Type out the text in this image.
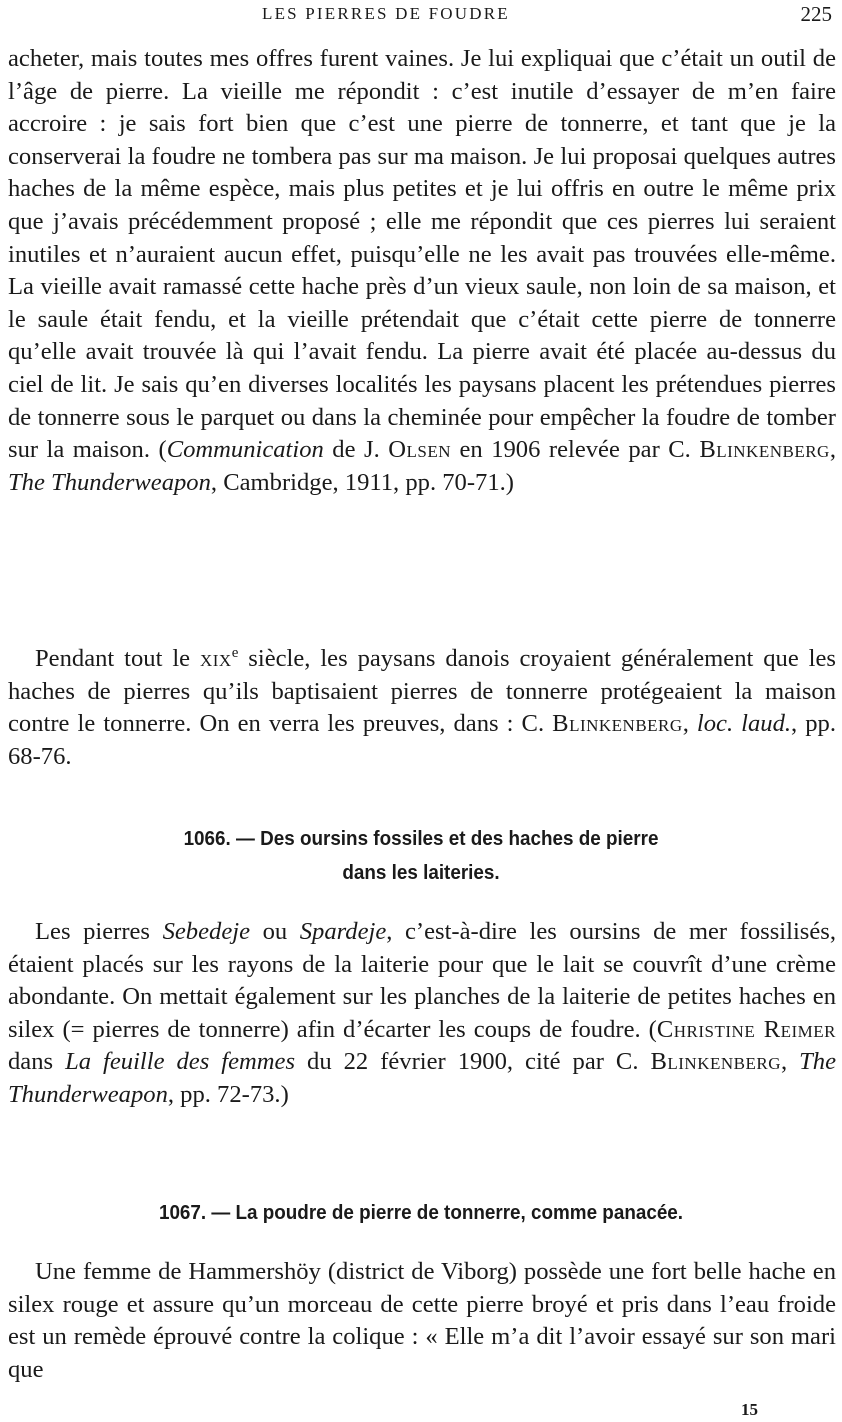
LES PIERRES DE FOUDRE	225

acheter, mais toutes mes offres furent vaines. Je lui expliquai que c’était un outil de l’âge de pierre. La vieille me répondit : c’est inutile d’essayer de m’en faire accroire : je sais fort bien que c’est une pierre de tonnerre, et tant que je la conserverai la foudre ne tombera pas sur ma maison. Je lui proposai quelques autres haches de la même espèce, mais plus petites et je lui offris en outre le même prix que j’avais précédemment proposé ; elle me répondit que ces pierres lui seraient inutiles et n’auraient aucun effet, puisqu’elle ne les avait pas trouvées elle-même. La vieille avait ramassé cette hache près d’un vieux saule, non loin de sa maison, et le saule était fendu, et la vieille prétendait que c’était cette pierre de tonnerre qu’elle avait trouvée là qui l’avait fendu. La pierre avait été placée au-dessus du ciel de lit. Je sais qu’en diverses localités les paysans placent les prétendues pierres de tonnerre sous le parquet ou dans la cheminée pour empêcher la foudre de tomber sur la maison. (Communication de J. Olsen en 1906 relevée par C. Blinkenberg, The Thunderweapon, Cambridge, 1911, pp. 70-71.)

Pendant tout le xix$^e$ siècle, les paysans danois croyaient généralement que les haches de pierres qu’ils baptisaient pierres de tonnerre protégeaient la maison contre le tonnerre. On en verra les preuves, dans : C. Blinkenberg, loc. laud., pp. 68-76.

1066. — Des oursins fossiles et des haches de pierre
dans les laiteries.

Les pierres Sebedeje ou Spardeje, c’est-à-dire les oursins de mer fossilisés, étaient placés sur les rayons de la laiterie pour que le lait se couvrît d’une crème abondante. On mettait également sur les planches de la laiterie de petites haches en silex (= pierres de tonnerre) afin d’écarter les coups de foudre. (Christine Reimer dans La feuille des femmes du 22 février 1900, cité par C. Blinkenberg, The Thunderweapon, pp. 72-73.)

1067. — La poudre de pierre de tonnerre, comme panacée.

Une femme de Hammershöy (district de Viborg) possède une fort belle hache en silex rouge et assure qu’un morceau de cette pierre broyé et pris dans l’eau froide est un remède éprouvé contre la colique : « Elle m’a dit l’avoir essayé sur son mari que

15
